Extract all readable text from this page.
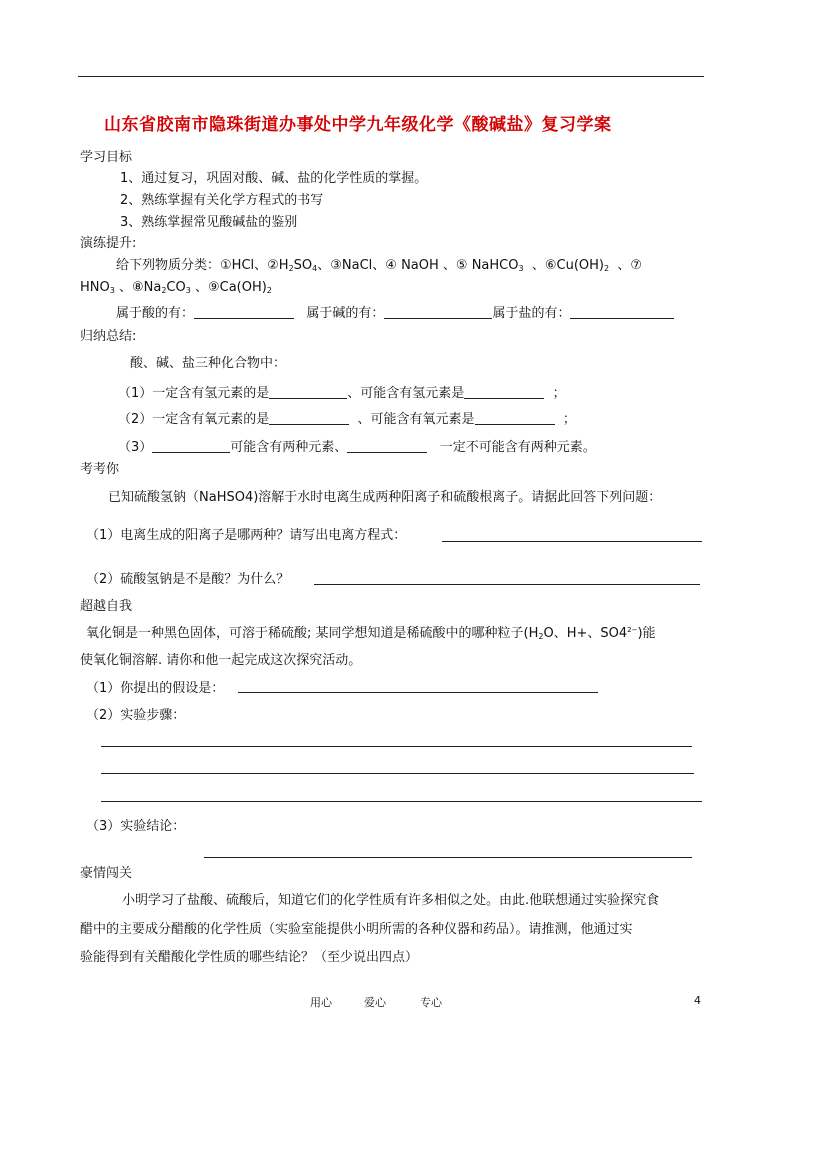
山东省胶南市隐珠街道办事处中学九年级化学《酸碱盐》复习学案
学习目标
1、通过复习，巩固对酸、碱、盐的化学性质的掌握。
2、熟练掌握有关化学方程式的书写
3、熟练掌握常见酸碱盐的鉴别
演练提升:
给下列物质分类：①HCl、$②H_2SO_4$、③NaCl、④ NaOH 、⑤ NaHCO$_3$ 、$⑥Cu(OH)_2$ 、⑦
$HNO_3$ 、$⑧Na_2CO_3$ 、$⑨Ca(OH)_2$
属于酸的有：	属于碱的有：	属于盐的有：
归纳总结:
酸、碱、盐三种化合物中：
（1）一定含有氢元素的是	、可能含有氢元素是	；
（2）一定含有氧元素的是	、可能含有氧元素是	；
（3）	可能含有两种元素、	一定不可能含有两种元素。
考考你
已知硫酸氢钠（NaHSO4)溶解于水时电离生成两种阳离子和硫酸根离子。请据此回答下列问题：
（1）电离生成的阳离子是哪两种？请写出电离方程式：
（2）硫酸氢钠是不是酸？为什么？
超越自我
氧化铜是一种黑色固体，可溶于稀硫酸; 某同学想知道是稀硫酸中的哪种粒子($H_2O$、H+、$SO4^{2-}$)能
使氧化铜溶解. 请你和他一起完成这次探究活动。
（1）你提出的假设是：
（2）实验步骤：
（3）实验结论：
豪情闯关
小明学习了盐酸、硫酸后，知道它们的化学性质有许多相似之处。由此.他联想通过实验探究食
醋中的主要成分醋酸的化学性质（实验室能提供小明所需的各种仪器和药品）。请推测，他通过实
验能得到有关醋酸化学性质的哪些结论？（至少说出四点）
用心	爱心	专心	4
